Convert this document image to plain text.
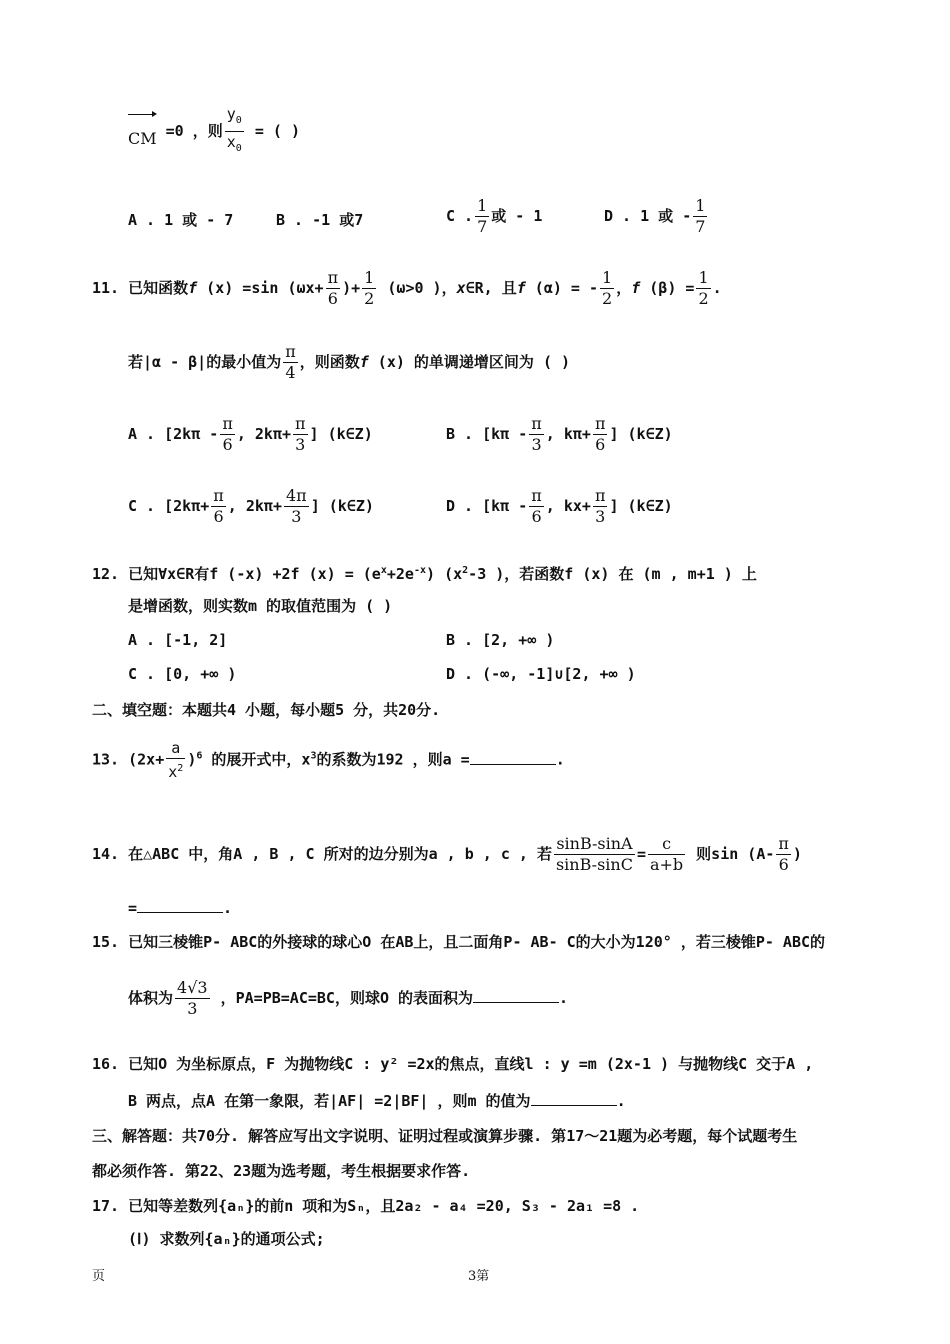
CM =0 ，则 $\frac{y_0}{x_0}$ = ( )
A . 1 或 - 7	B . -1 或7	C . $\frac{1}{7}$ 或 - 1	D . 1 或 - $\frac{1}{7}$
11. 已知函数f (x) =sin ($\omega x+ \frac{\pi}{6}$ )+ $\frac{1}{2} (\omega>0$ )，x∈R, 且f (α) = - $\frac{1}{2}$ ，f $(\beta) = \frac{1}{2}$ .
若|α - β|的最小值为 $\frac{\pi}{4}$ ，则函数f (x) 的单调递增区间为 ( )
A . [$2k\pi - \frac{\pi}{6}$ , $2k\pi+ \frac{\pi}{3}$ ] (k∈Z)	B . [$k\pi - \frac{\pi}{3}$ , $k\pi+ \frac{\pi}{6}$ ] (k∈Z)
C . [$2k\pi+ \frac{\pi}{6}$ , $2k\pi+ \frac{4\pi}{3}$ ] (k∈Z)	D . [$k\pi - \frac{\pi}{6}$ , $kx+ \frac{\pi}{3}$ ] (k∈Z)
12. 已知∀x∈R有f (-x) +2f $(x) = (e^x+2e^{-x})$ ($x^2-3$ )，若函数f (x) 在 (m , m+1 ) 上
是增函数，则实数m 的取值范围为 ( )
A . [-1, 2]	B . [2, +∞ )
C . [0, +∞ )	D . (-∞, -1]∪[2, +∞ )
二、填空题：本题共4 小题，每小题5 分，共20分.
13. $(2x+ \frac{a}{x^2} )^6$ 的展开式中，$x^3$的系数为192 ，则a =	.
14. 在△ABC 中，角A , B , C 所对的边分别为a , b , c , 若 $\frac{\sin B-\sin A}{\sin B-\sin C} = \frac{c}{a+b}$ 则$\sin (A- \frac{\pi}{6}$ )
=	.
15. 已知三棱锥P- ABC的外接球的球心O 在AB上，且二面角P- AB- C的大小为120° ，若三棱锥P- ABC的
体积为 $\frac{4√3}{3}$ ，PA=PB=AC=BC，则球O 的表面积为	.
16. 已知O 为坐标原点，F 为抛物线C : y² =2x的焦点，直线l : y =m (2x-1 ) 与抛物线C 交于A ,
B 两点，点A 在第一象限，若|AF| =2|BF| ，则m 的值为	.
三、解答题：共70分. 解答应写出文字说明、证明过程或演算步骤. 第17～21题为必考题，每个试题考生
都必须作答. 第22、23题为选考题，考生根据要求作答.
17. 已知等差数列{aₙ}的前n 项和为Sₙ，且2a₂ - a₄ =20, S₃ - 2a₁ =8 .
(Ⅰ) 求数列{aₙ}的通项公式;
页	3第
